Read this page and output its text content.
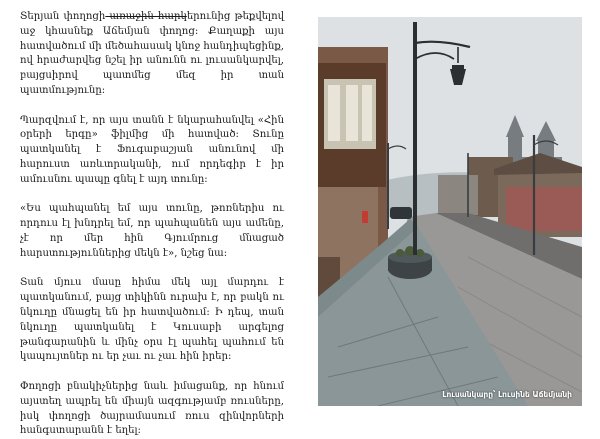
Տերյան փողոցի առաջին հարկերունից թեքվելով աջ կհասնեք Աճեմյան փողոց: Քաղաքի այս հատվածում մի մեծահասակ կնոջ հանդիպեցինք, ով հրաժարվեց նշել իր անունն ու լուսանկարվել, բայցսիրով պատմեց մեզ իր տան պատմությունը:

Պարզվում է, որ այս տանն է նկարահանվել «Հին օրերի երգը» ֆիլմից մի հատված: Տունը պատկանել է Ֆուգաբաշյան անունով մի հարուստ առևտրականի, ում որդեգիր է իր ամուսնու պապը գնել է այդ տունը:

«Ես պահպանել եմ այս տունը, թոռներիս ու որդուս էլ խնդրել եմ, որ պահպանեն այս ամենը, չէ որ մեր հին Գյումրուց մնացած հարստություններից մեկն է», նշեց նա:

Տան մյուս մասը հիմա մեկ այլ մարդու է պատկանում, բայց տիկինն ուրախ է, որ բակն ու նկուղը մնացել են իր հատվածում: Ի դեպ, տան նկուղը պատկանել է Կուսաբի արգելոց թանգարանին և մինչ օրս էլ պահել պահում են կապույտներ ու եր չաւ ու չաւ հին իրեր:

Փողոցի բնակիչներից նաև իմացանք, որ հնում այստեղ ապրել են միայն ազգությամբ ռուսները, իսկ փողոցի ծայրամասում ռուս զինվորների հանգստարանն է եղել:

Լուսանկարը՝ Լուսինե Աճեմյանի
